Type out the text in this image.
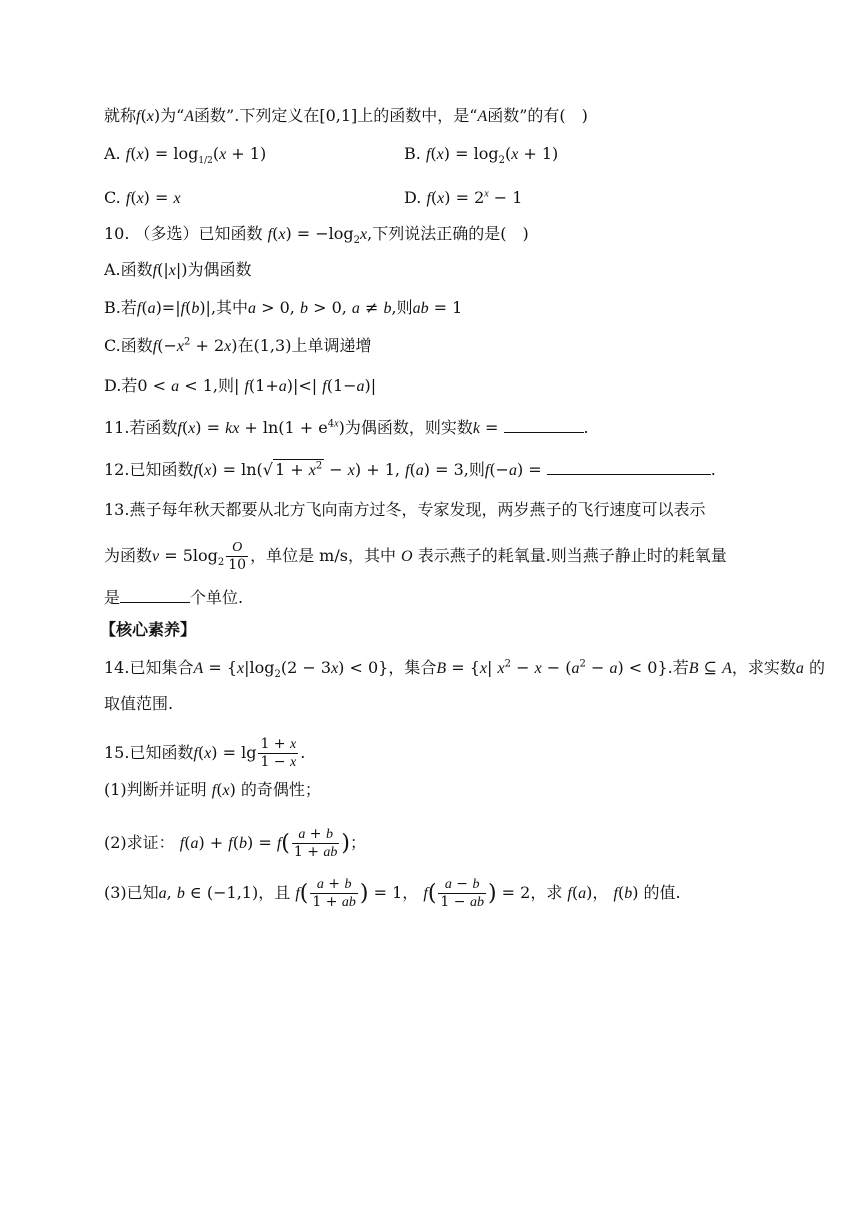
就称f(x)为“A函数”.下列定义在[0,1]上的函数中，是“A函数”的有(　)
A. $f(x) = \log_{1/2}(x + 1)$	B. $f(x) = \log_2(x + 1)$
C. f(x) = x	D. $f(x) = 2^x - 1$
10. （多选）已知函数 $f(x) = -\log_2x$,下列说法正确的是(　)
A.函数f(|x|)为偶函数
B.若f(a)=|f(b)|,其中a > 0, b > 0, a ≠ b,则ab = 1
C.函数$f(-x^2 + 2x)$在(1,3)上单调递增
D.若0 < a < 1,则| f(1+a)|<| f(1−a)|
11.若函数f(x) = kx + $\ln(1 + e^{4x})$为偶函数，则实数k =	.
12.已知函数f(x) = ln(√ $1 + x^2 - x) + 1$, f(a) = 3,则f(−a) =	.
13.燕子每年秋天都要从北方飞向南方过冬，专家发现，两岁燕子的飞行速度可以表示
为函数$v = 5\log_2 \frac{O}{10}$ ，单位是 m/s，其中 O 表示燕子的耗氧量.则当燕子静止时的耗氧量
是	个单位.
【核心素养】
14.已知集合$A = \{x|\log_2(2 - 3x) < 0\}$，集合B = {x| $x^2 - x - (a^2 - a) < 0$}.若B ⊆ A，求实数a 的
取值范围.
15.已知函数$f(x) = \lg \frac{1 + x}{1 - x}$ .
(1)判断并证明 f(x) 的奇偶性；
(2)求证： $f(a) + f(b) = f( \frac{a + b}{1 + ab}$ )；
(3)已知a, b ∈ (−1,1)，且 $f( \frac{a + b}{1 + ab}$ ) = 1， $f( \frac{a - b}{1 - ab}$ ) = 2，求 f(a)， f(b) 的值.
